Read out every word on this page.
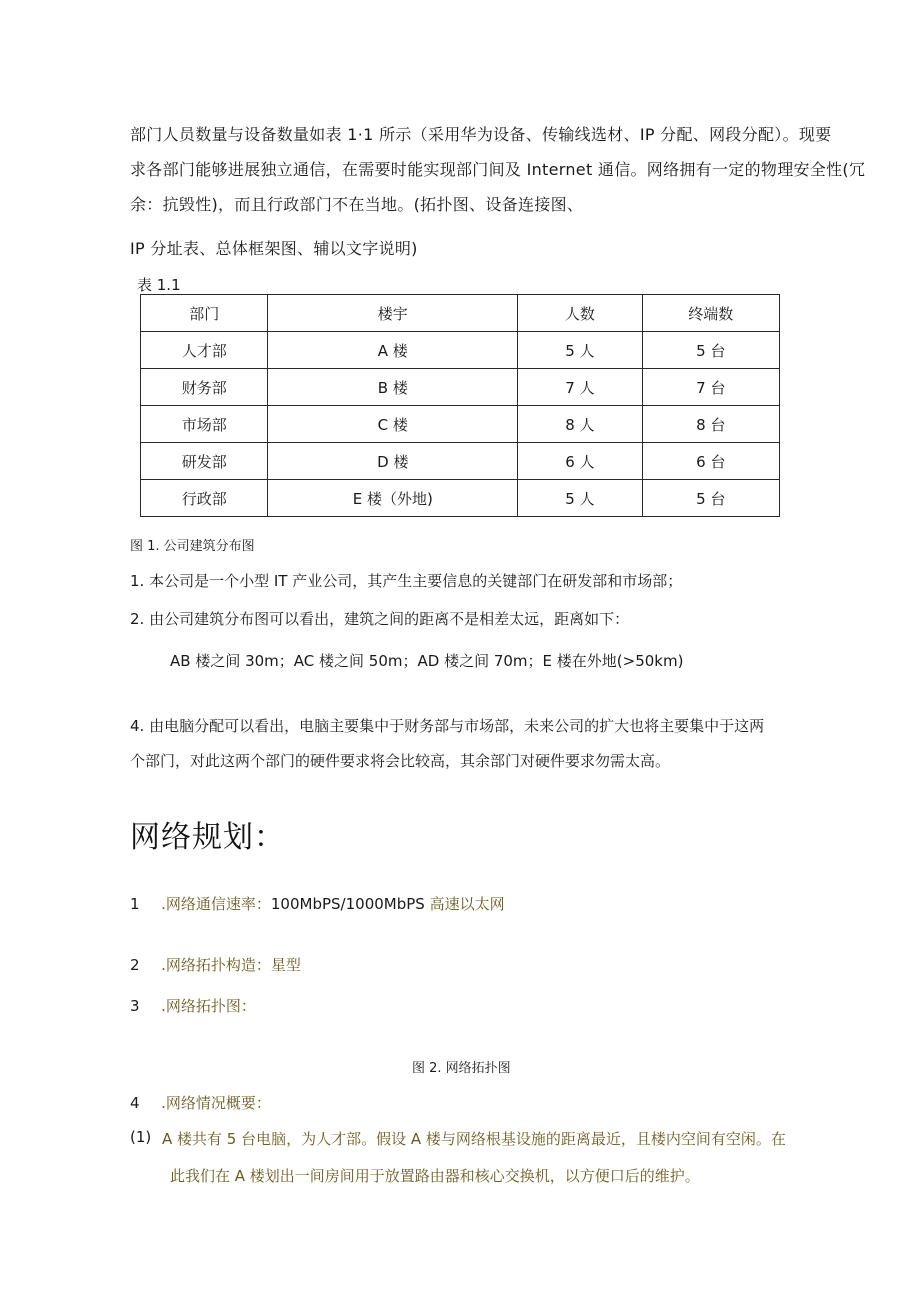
部门人员数量与设备数量如表 1·1 所示（采用华为设备、传输线选材、IP 分配、网段分配）。现要
求各部门能够进展独立通信，在需要时能实现部门间及 Internet 通信。网络拥有一定的物理安全性(冗
余：抗毁性)，而且行政部门不在当地。(拓扑图、设备连接图、
IP 分址表、总体框架图、辅以文字说明)
表 1.1
部门	楼宇	人数	终端数
人才部	A 楼	5 人	5 台
财务部	B 楼	7 人	7 台
市场部	C 楼	8 人	8 台
研发部	D 楼	6 人	6 台
行政部	E 楼（外地)	5 人	5 台
图 1. 公司建筑分布图
1. 本公司是一个小型 IT 产业公司，其产生主要信息的关键部门在研发部和市场部；
2. 由公司建筑分布图可以看出，建筑之间的距离不是相差太远，距离如下：
AB 楼之间 30m；AC 楼之间 50m；AD 楼之间 70m；E 楼在外地(>50km)
4. 由电脑分配可以看出，电脑主要集中于财务部与市场部，未来公司的扩大也将主要集中于这两
个部门，对此这两个部门的硬件要求将会比较高，其余部门对硬件要求勿需太高。
网络规划：
1 .网络通信速率：100MbPS/1000MbPS 高速以太网
2 .网络拓扑构造：星型
3 .网络拓扑图：
图 2. 网络拓扑图
4 .网络情况概要：
(1) A 楼共有 5 台电脑，为人才部。假设 A 楼与网络根基设施的距离最近，且楼内空间有空闲。在
此我们在 A 楼划出一间房间用于放置路由器和核心交换机，以方便口后的维护。
